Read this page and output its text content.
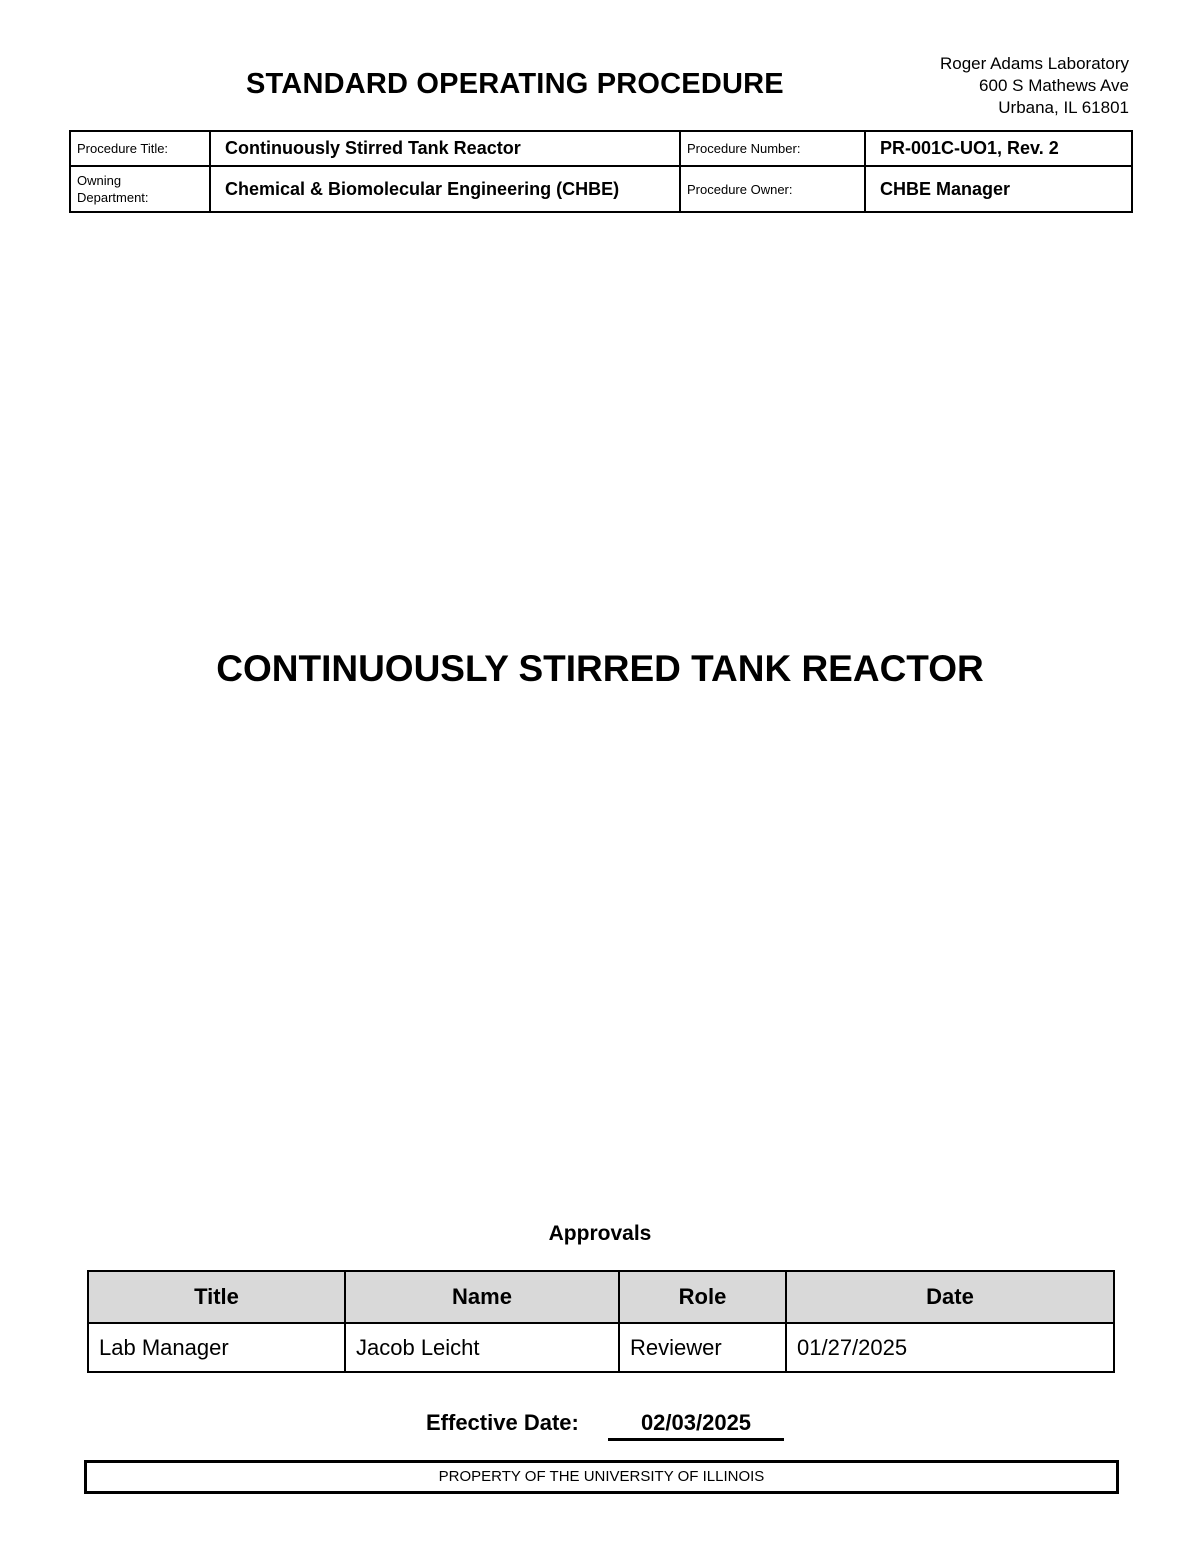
STANDARD OPERATING PROCEDURE
Roger Adams Laboratory
600 S Mathews Ave
Urbana, IL 61801
Procedure Title:	Continuously Stirred Tank Reactor	Procedure Number:	PR-001C-UO1, Rev. 2
Owning Department:	Chemical & Biomolecular Engineering (CHBE)	Procedure Owner:	CHBE Manager
CONTINUOUSLY STIRRED TANK REACTOR
Approvals
Title	Name	Role	Date
Lab Manager	Jacob Leicht	Reviewer	01/27/2025
Effective Date:	02/03/2025
PROPERTY OF THE UNIVERSITY OF ILLINOIS
